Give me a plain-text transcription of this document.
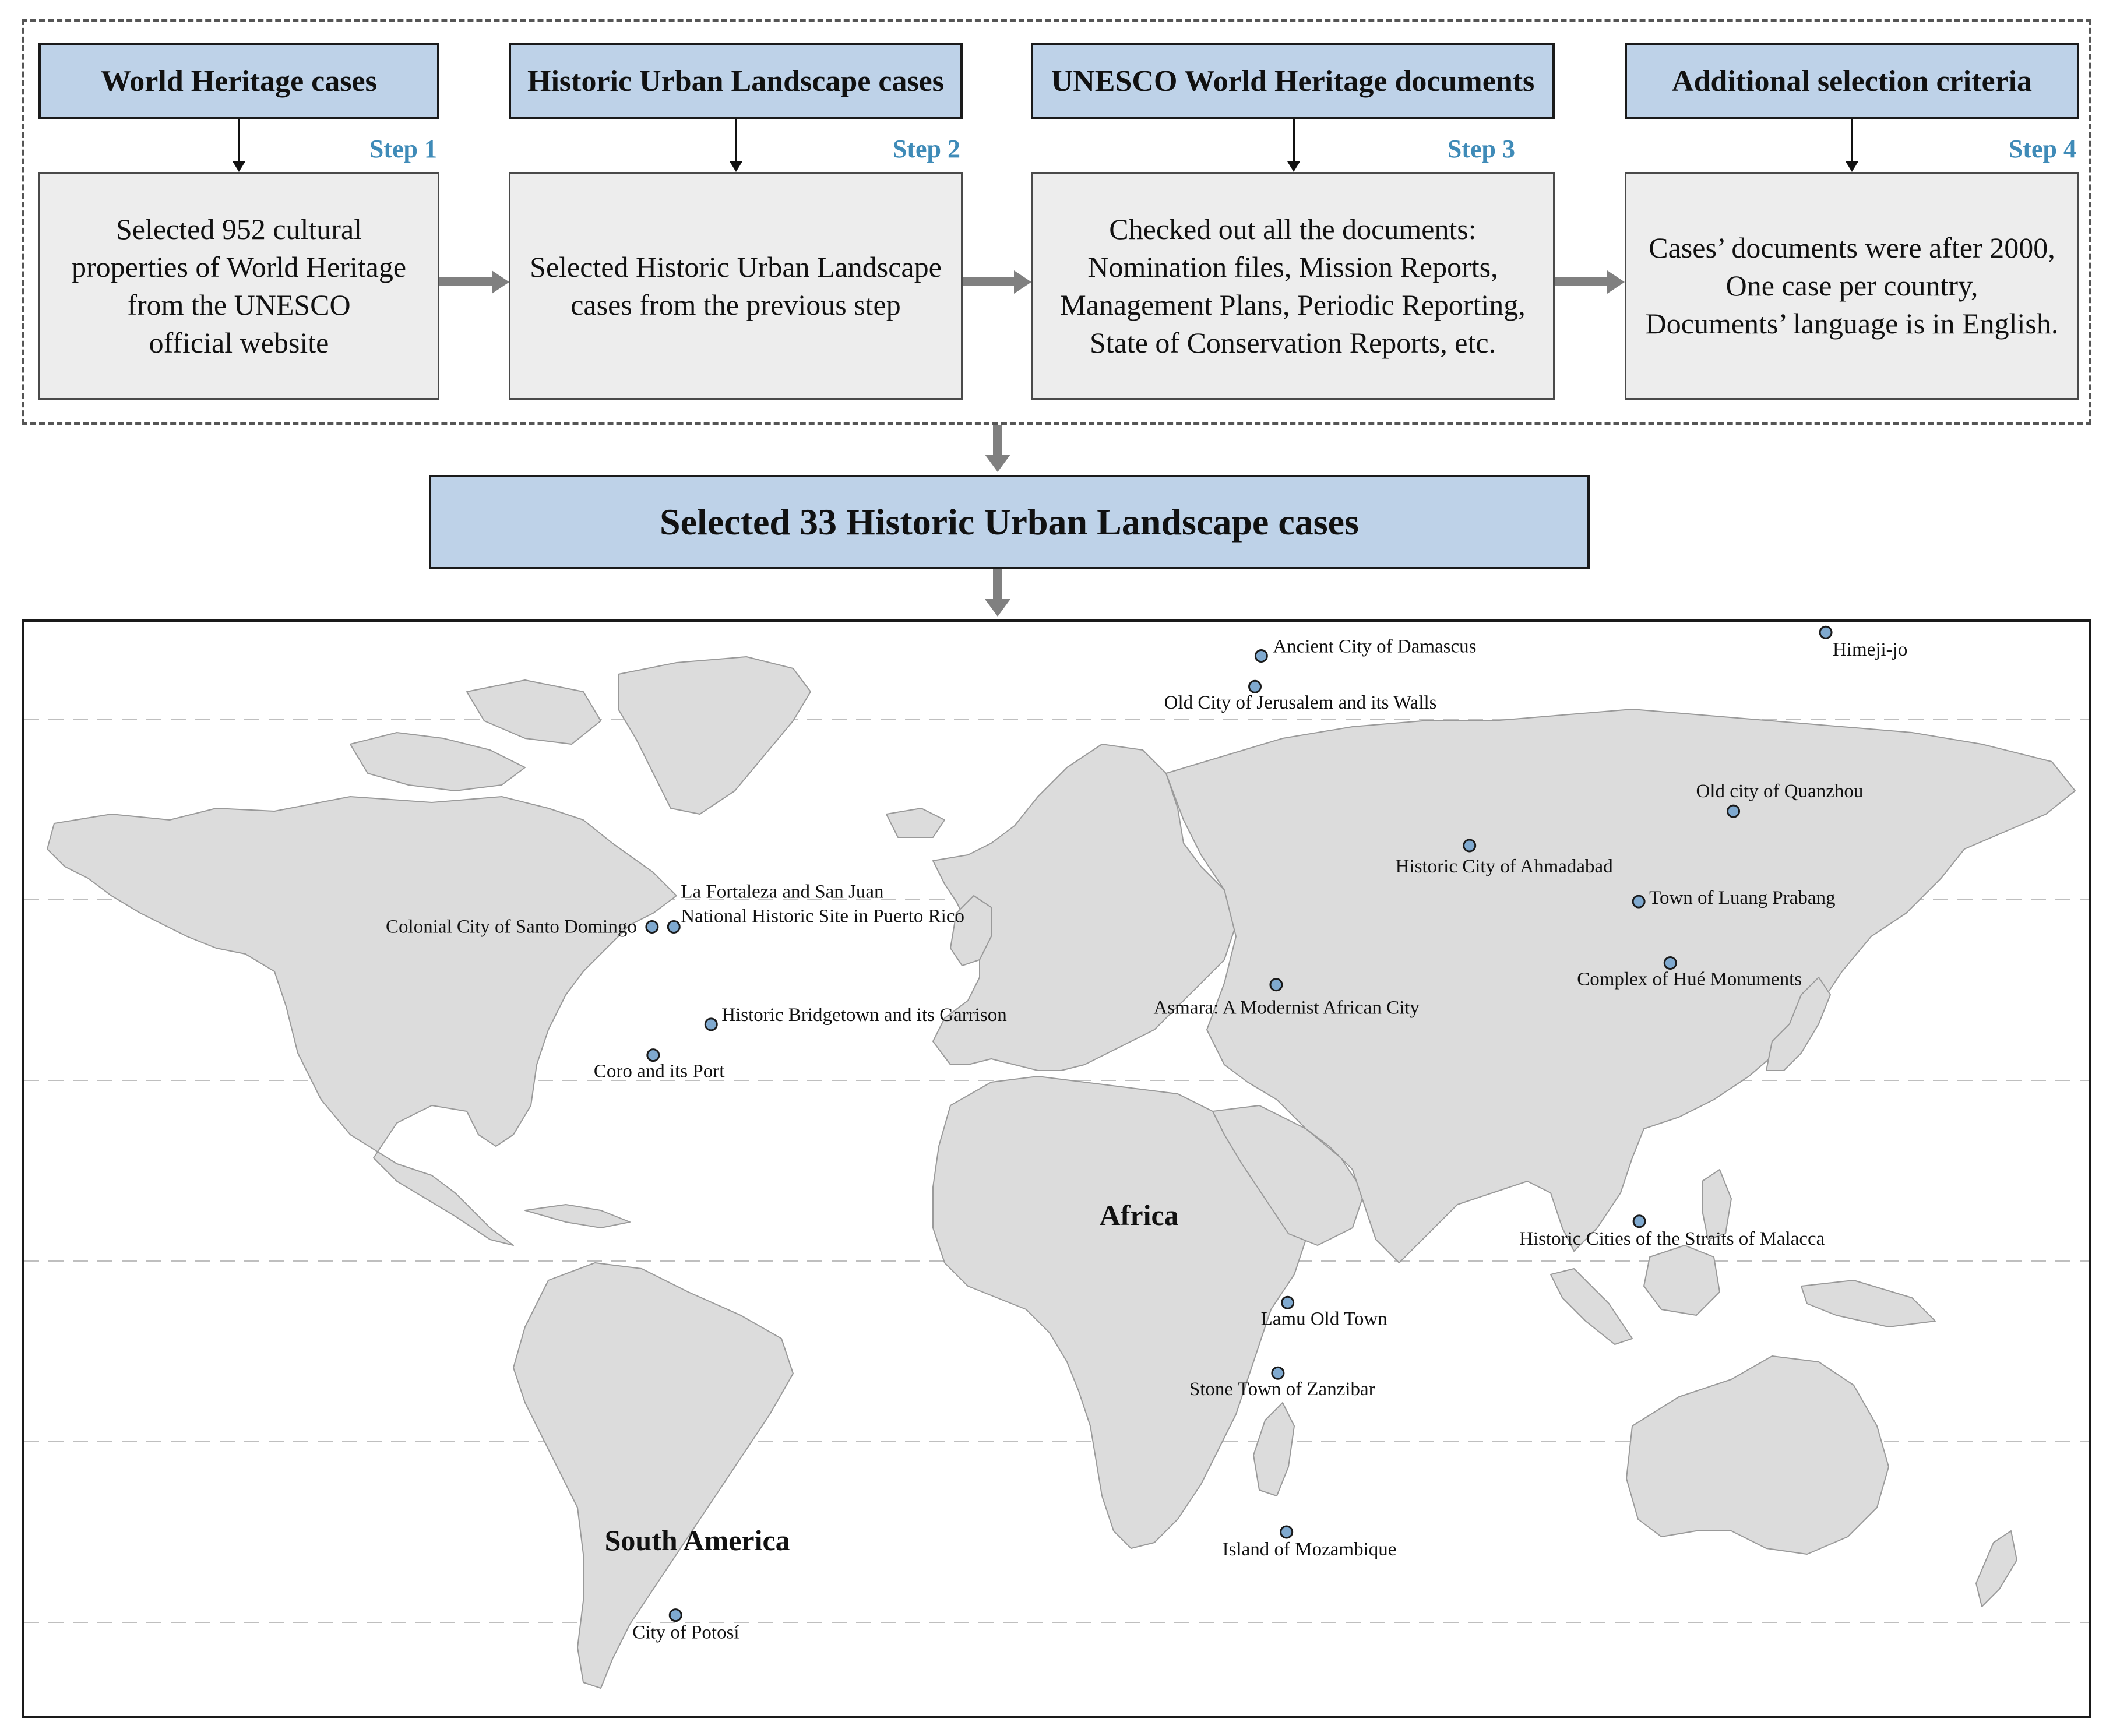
World Heritage cases
Step 1
Selected 952 cultural
properties of World Heritage
from the UNESCO
official website
Historic Urban Landscape cases
Step 2
Selected Historic Urban Landscape
cases from the previous step
UNESCO World Heritage documents
Step 3
Checked out all the documents:
Nomination files, Mission Reports,
Management Plans, Periodic Reporting,
State of Conservation Reports, etc.
Additional selection criteria
Step 4
Cases’ documents were after 2000,
One case per country,
Documents’ language is in English.
Selected 33 Historic Urban Landscape cases
South America
Africa
Ancient City of Damascus
Old City of Jerusalem and its Walls
Historic City of Ahmadabad
Asmara: A Modernist African City
Lamu Old Town
Stone Town of Zanzibar
Island of Mozambique
Himeji-jo
Old city of Quanzhou
Town of Luang Prabang
Complex of Hué Monuments
Historic Cities of the Straits of Malacca
Colonial City of Santo Domingo
La Fortaleza and San Juan
National Historic Site in Puerto Rico
Historic Bridgetown and its Garrison
Coro and its Port
City of Potosí
